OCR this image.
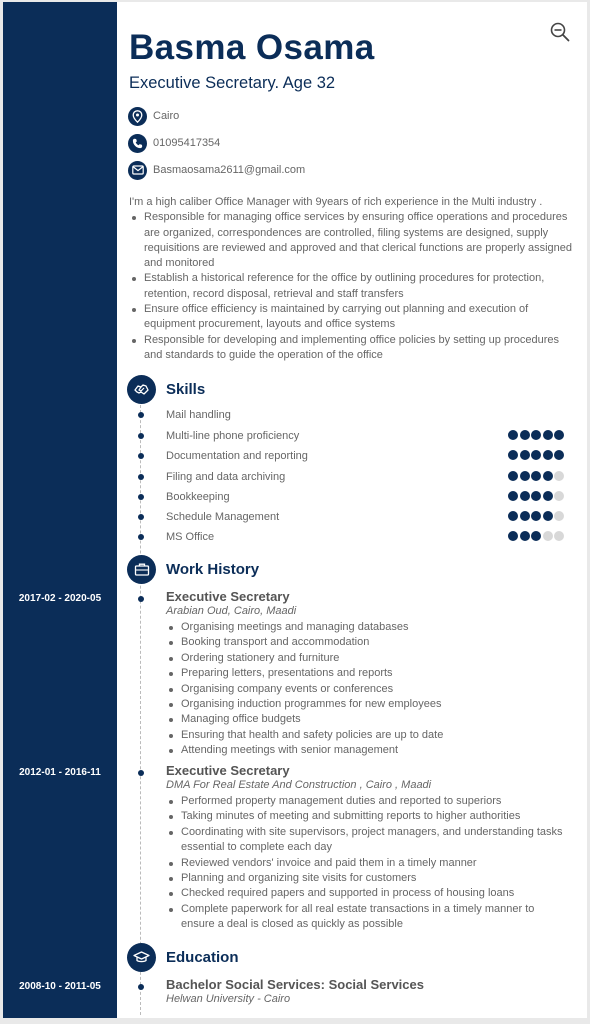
Basma Osama
Executive Secretary. Age 32
Cairo
01095417354
Basmaosama2611@gmail.com
I'm a high caliber Office Manager with 9years of rich experience in the Multi industry .
Responsible for managing office services by ensuring office operations and procedures are organized, correspondences are controlled, filing systems are designed, supply requisitions are reviewed and approved and that clerical functions are properly assigned and monitored
Establish a historical reference for the office by outlining procedures for protection, retention, record disposal, retrieval and staff transfers
Ensure office efficiency is maintained by carrying out planning and execution of equipment procurement, layouts and office systems
Responsible for developing and implementing office policies by setting up procedures and standards to guide the operation of the office
Skills
Mail handling
Multi-line phone proficiency
Documentation and reporting
Filing and data archiving
Bookkeeping
Schedule Management
MS Office
Work History
2017-02 - 2020-05	Executive Secretary
Arabian Oud, Cairo, Maadi
Organising meetings and managing databases
Booking transport and accommodation
Ordering stationery and furniture
Preparing letters, presentations and reports
Organising company events or conferences
Organising induction programmes for new employees
Managing office budgets
Ensuring that health and safety policies are up to date
Attending meetings with senior management
2012-01 - 2016-11	Executive Secretary
DMA For Real Estate And Construction , Cairo , Maadi
Performed property management duties and reported to superiors
Taking minutes of meeting and submitting reports to higher authorities
Coordinating with site supervisors, project managers, and understanding tasks essential to complete each day
Reviewed vendors' invoice and paid them in a timely manner
Planning and organizing site visits for customers
Checked required papers and supported in process of housing loans
Complete paperwork for all real estate transactions in a timely manner to ensure a deal is closed as quickly as possible
Education
2008-10 - 2011-05	Bachelor Social Services: Social Services
Helwan University - Cairo
